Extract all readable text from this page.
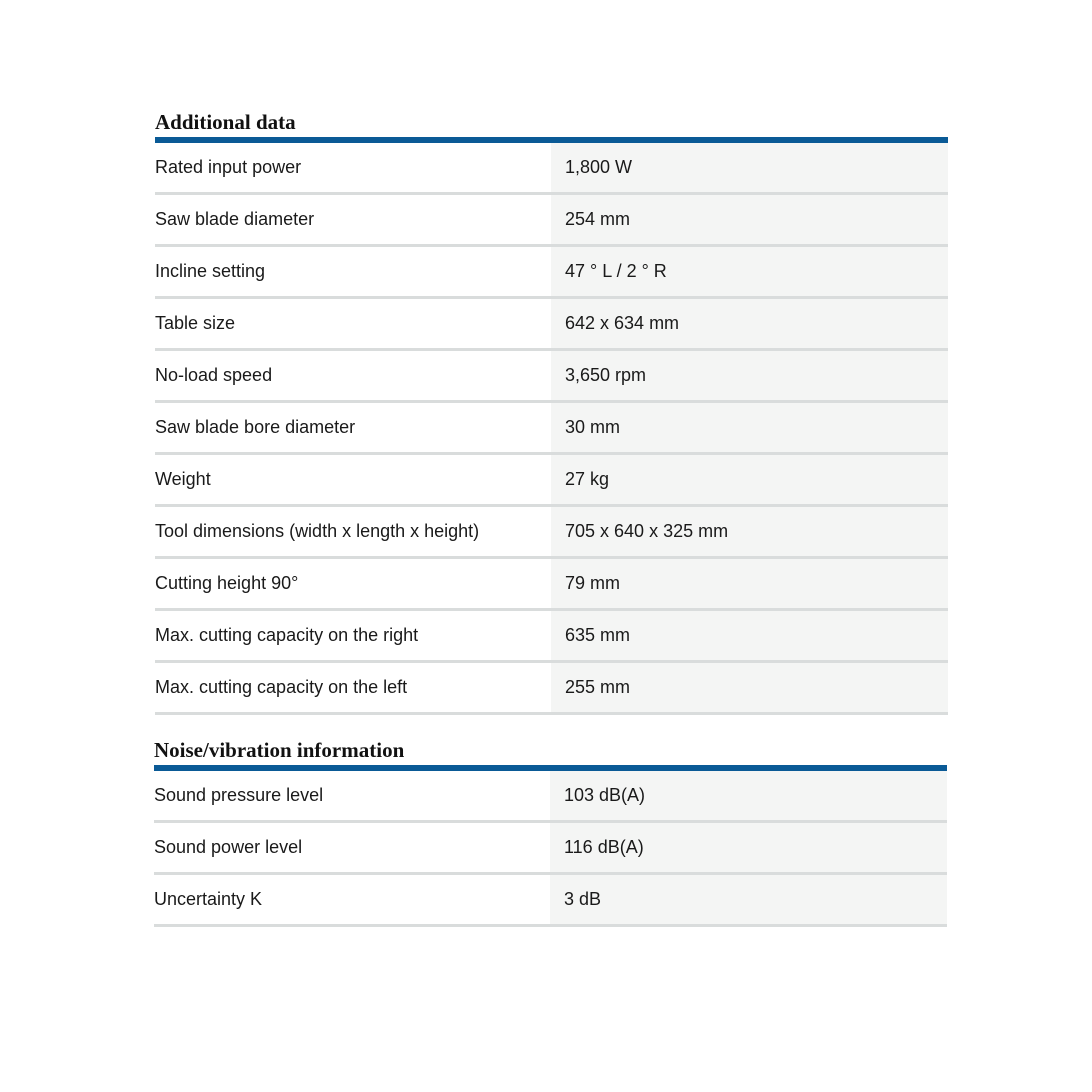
Additional data
Rated input power	1,800 W
Saw blade diameter	254 mm
Incline setting	47 ° L / 2 ° R
Table size	642 x 634 mm
No-load speed	3,650 rpm
Saw blade bore diameter	30 mm
Weight	27 kg
Tool dimensions (width x length x height)	705 x 640 x 325 mm
Cutting height 90°	79 mm
Max. cutting capacity on the right	635 mm
Max. cutting capacity on the left	255 mm
Noise/vibration information
Sound pressure level	103 dB(A)
Sound power level	116 dB(A)
Uncertainty K	3 dB
